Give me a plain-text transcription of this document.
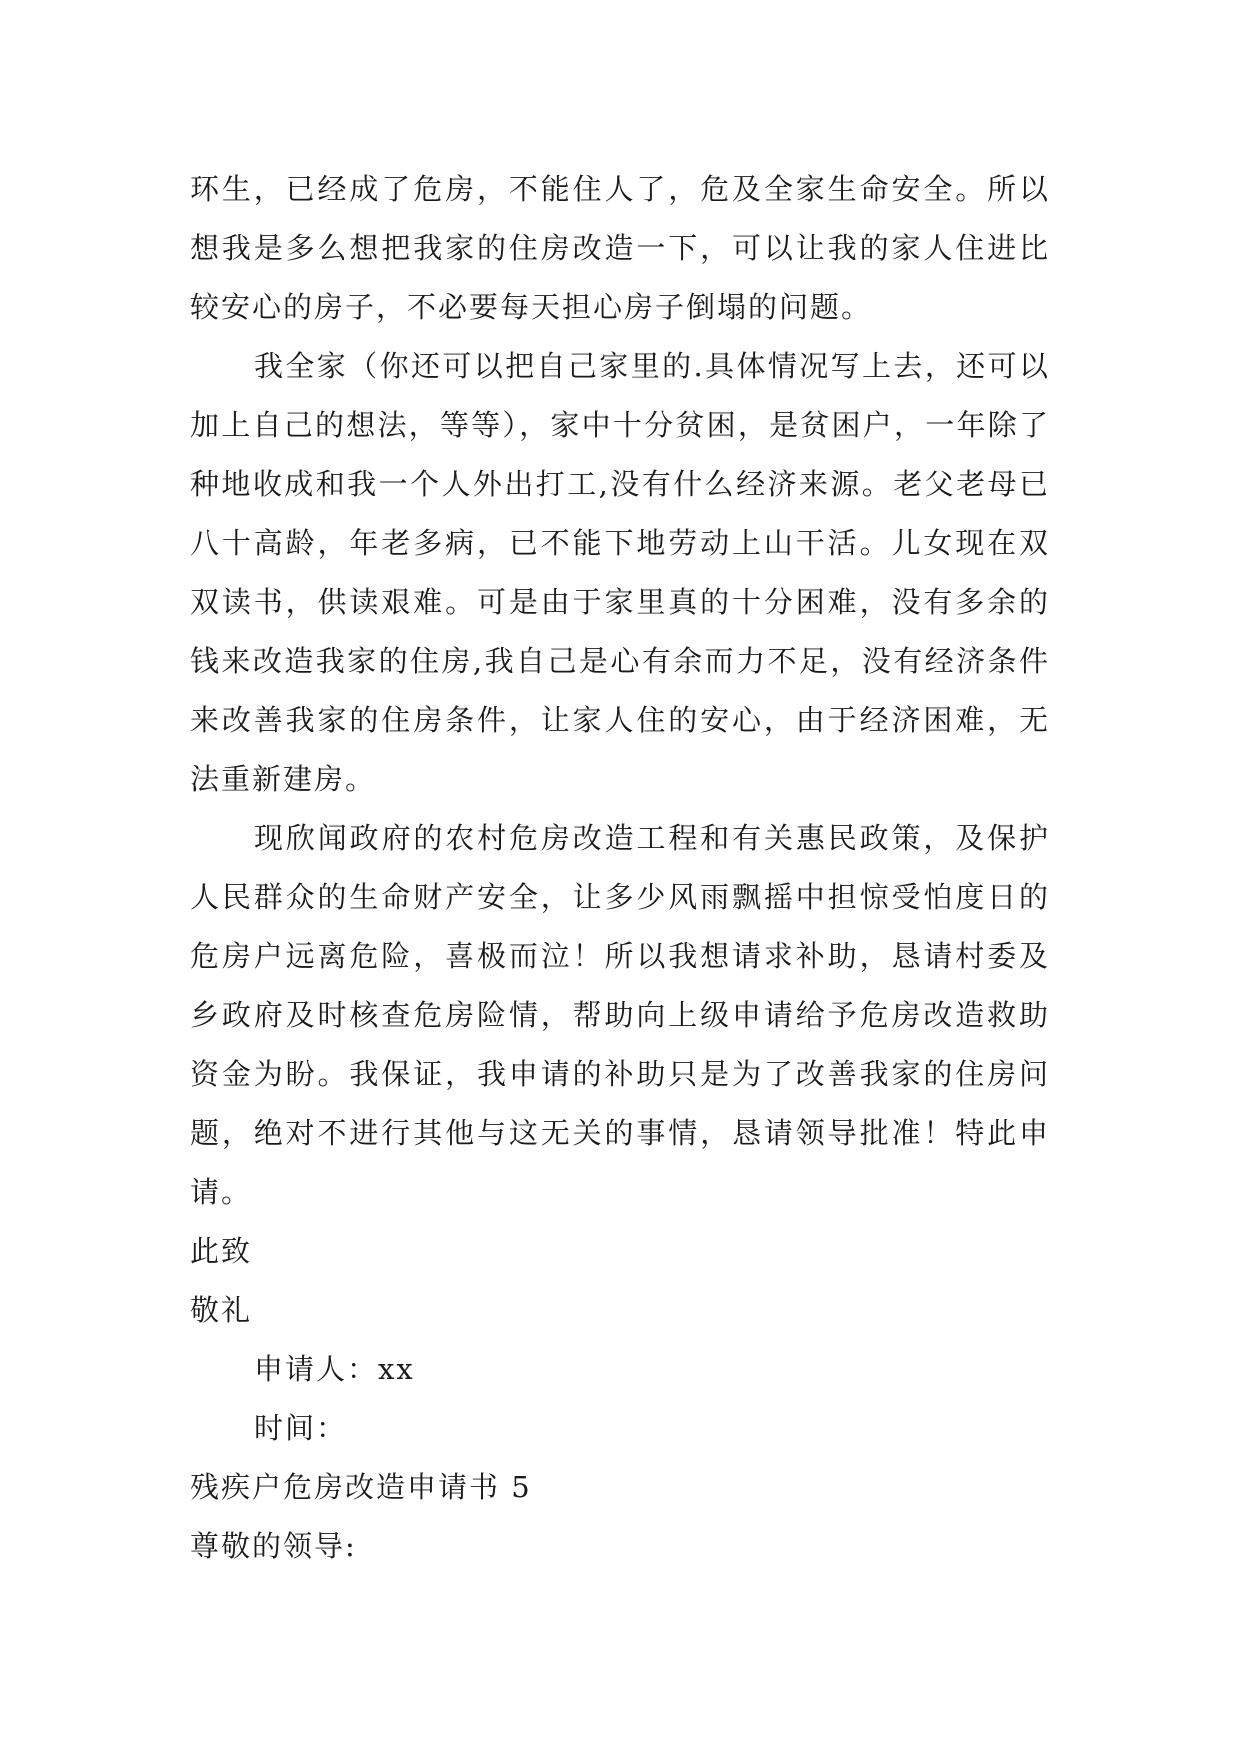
环生，已经成了危房，不能住人了，危及全家生命安全。所以想我是多么想把我家的住房改造一下，可以让我的家人住进比较安心的房子，不必要每天担心房子倒塌的问题。

我全家（你还可以把自己家里的.具体情况写上去，还可以加上自己的想法，等等），家中十分贫困，是贫困户，一年除了种地收成和我一个人外出打工,没有什么经济来源。老父老母已八十高龄，年老多病，已不能下地劳动上山干活。儿女现在双双读书，供读艰难。可是由于家里真的十分困难，没有多余的钱来改造我家的住房,我自己是心有余而力不足，没有经济条件来改善我家的住房条件，让家人住的安心，由于经济困难，无法重新建房。

现欣闻政府的农村危房改造工程和有关惠民政策，及保护人民群众的生命财产安全，让多少风雨飘摇中担惊受怕度日的危房户远离危险，喜极而泣！所以我想请求补助，恳请村委及乡政府及时核查危房险情，帮助向上级申请给予危房改造救助资金为盼。我保证，我申请的补助只是为了改善我家的住房问题，绝对不进行其他与这无关的事情，恳请领导批准！特此申请。

此致

敬礼

申请人：xx

时间：

残疾户危房改造申请书 5

尊敬的领导:
